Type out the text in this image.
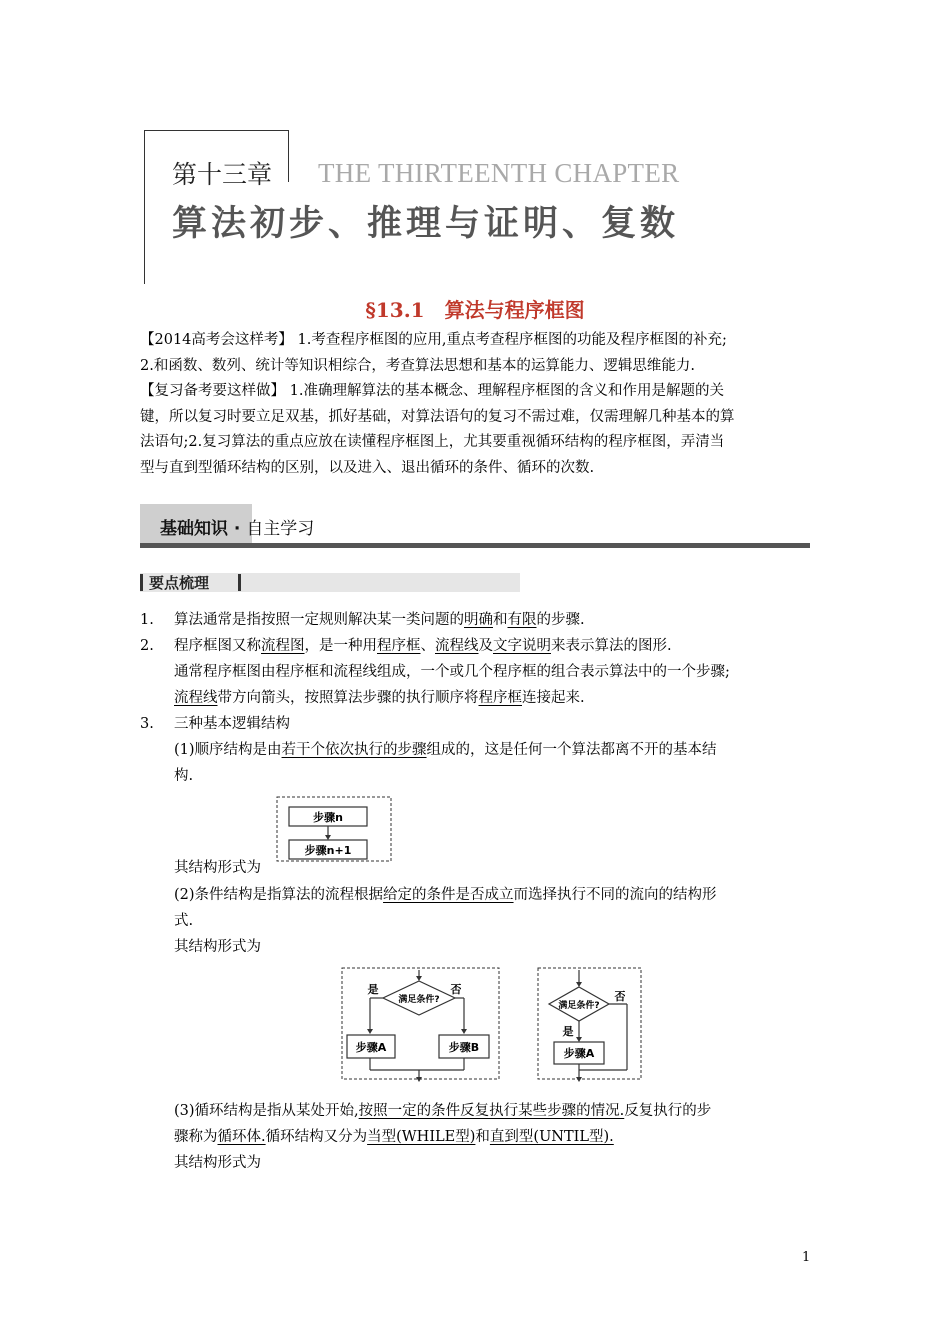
第十三章 THE THIRTEENTH CHAPTER
算法初步、推理与证明、复数
§13.1　算法与程序框图
【2014高考会这样考】 1.考查程序框图的应用,重点考查程序框图的功能及程序框图的补充;
2.和函数、数列、统计等知识相综合，考查算法思想和基本的运算能力、逻辑思维能力.
【复习备考要这样做】 1.准确理解算法的基本概念、理解程序框图的含义和作用是解题的关
键，所以复习时要立足双基，抓好基础，对算法语句的复习不需过难，仅需理解几种基本的算
法语句;2.复习算法的重点应放在读懂程序框图上，尤其要重视循环结构的程序框图，弄清当
型与直到型循环结构的区别，以及进入、退出循环的条件、循环的次数.
基础知识 · 自主学习
要点梳理
1. 算法通常是指按照一定规则解决某一类问题的明确和有限的步骤.
2. 程序框图又称流程图，是一种用程序框、流程线及文字说明来表示算法的图形.
通常程序框图由程序框和流程线组成，一个或几个程序框的组合表示算法中的一个步骤;
流程线带方向箭头，按照算法步骤的执行顺序将程序框连接起来.
3. 三种基本逻辑结构
(1)顺序结构是由若干个依次执行的步骤组成的，这是任何一个算法都离不开的基本结
构.
步骤n
步骤n+1
其结构形式为
(2)条件结构是指算法的流程根据给定的条件是否成立而选择执行不同的流向的结构形
式.
其结构形式为
满足条件?
是	否
步骤A	步骤B
满足条件?
否
是
步骤A
(3)循环结构是指从某处开始,按照一定的条件反复执行某些步骤的情况.反复执行的步
骤称为循环体.循环结构又分为当型(WHILE型)和直到型(UNTIL型).
其结构形式为
1
